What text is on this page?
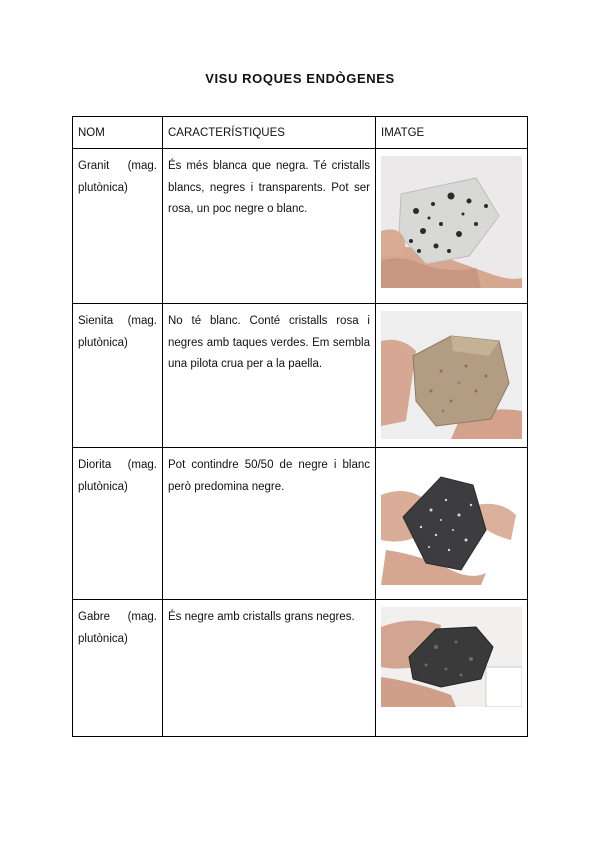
VISU ROQUES ENDÒGENES
NOM	CARACTERÍSTIQUES	IMATGE
Granit (mag. plutònica)	És més blanca que negra. Té cristalls blancs, negres i transparents. Pot ser rosa, un poc negre o blanc.	

Sienita (mag. plutònica)	No té blanc. Conté cristalls rosa i negres amb taques verdes. Em sembla una pilota crua per a la paella.	

Diorita (mag. plutònica)	Pot contindre 50/50 de negre i blanc però predomina negre.	

Gabre (mag. plutònica)	És negre amb cristalls grans negres.	
